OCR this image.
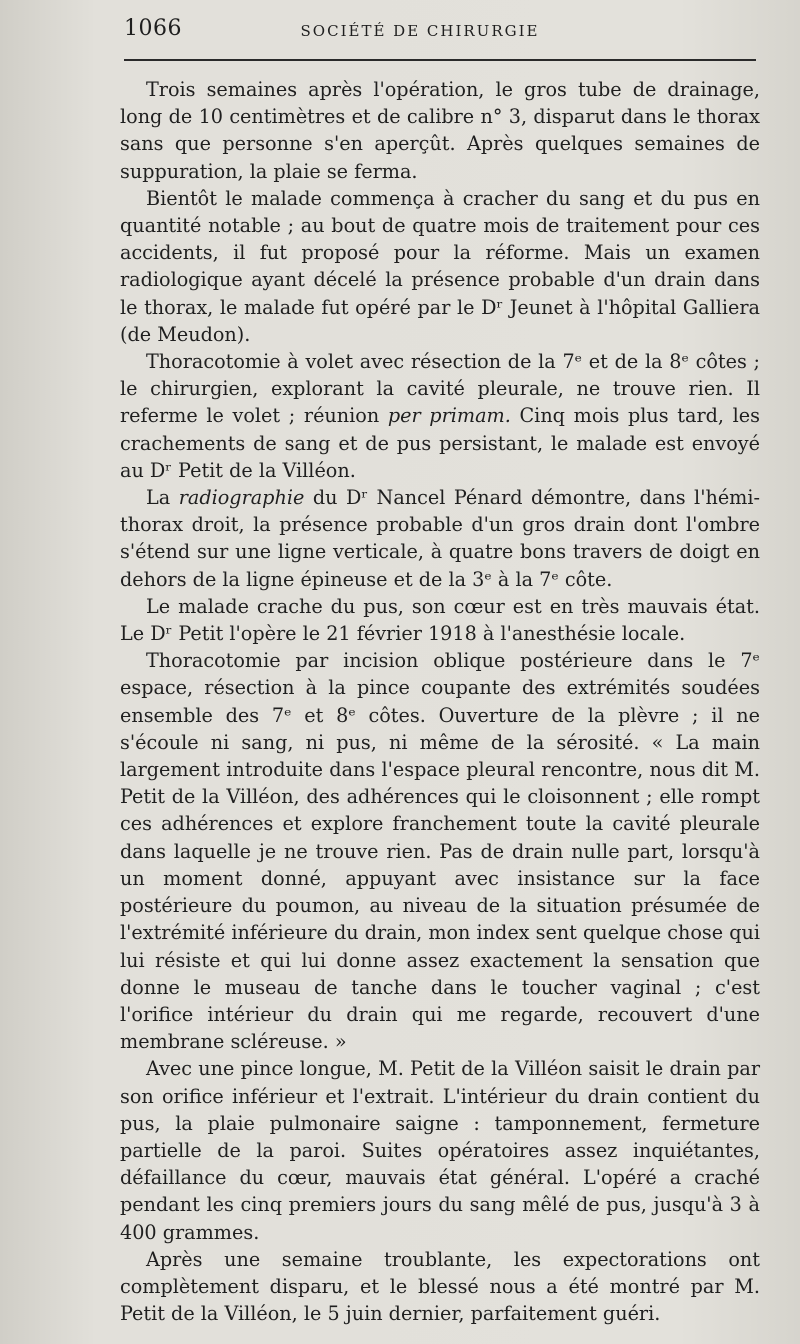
1066	SOCIÉTÉ DE CHIRURGIE

Trois semaines après l'opération, le gros tube de drainage, long de 10 centimètres et de calibre n° 3, disparut dans le thorax sans que personne s'en aperçût. Après quelques semaines de suppuration, la plaie se ferma.

Bientôt le malade commença à cracher du sang et du pus en quantité notable ; au bout de quatre mois de traitement pour ces accidents, il fut proposé pour la réforme. Mais un examen radiologique ayant décelé la présence probable d'un drain dans le thorax, le malade fut opéré par le Dʳ Jeunet à l'hôpital Galliera (de Meudon).

Thoracotomie à volet avec résection de la 7ᵉ et de la 8ᵉ côtes ; le chirurgien, explorant la cavité pleurale, ne trouve rien. Il referme le volet ; réunion per primam. Cinq mois plus tard, les crachements de sang et de pus persistant, le malade est envoyé au Dʳ Petit de la Villéon.

La radiographie du Dʳ Nancel Pénard démontre, dans l'hémi-thorax droit, la présence probable d'un gros drain dont l'ombre s'étend sur une ligne verticale, à quatre bons travers de doigt en dehors de la ligne épineuse et de la 3ᵉ à la 7ᵉ côte.

Le malade crache du pus, son cœur est en très mauvais état. Le Dʳ Petit l'opère le 21 février 1918 à l'anesthésie locale.

Thoracotomie par incision oblique postérieure dans le 7ᵉ espace, résection à la pince coupante des extrémités soudées ensemble des 7ᵉ et 8ᵉ côtes. Ouverture de la plèvre ; il ne s'écoule ni sang, ni pus, ni même de la sérosité. « La main largement introduite dans l'espace pleural rencontre, nous dit M. Petit de la Villéon, des adhérences qui le cloisonnent ; elle rompt ces adhérences et explore franchement toute la cavité pleurale dans laquelle je ne trouve rien. Pas de drain nulle part, lorsqu'à un moment donné, appuyant avec insistance sur la face postérieure du poumon, au niveau de la situation présumée de l'extrémité inférieure du drain, mon index sent quelque chose qui lui résiste et qui lui donne assez exactement la sensation que donne le museau de tanche dans le toucher vaginal ; c'est l'orifice intérieur du drain qui me regarde, recouvert d'une membrane scléreuse. »

Avec une pince longue, M. Petit de la Villéon saisit le drain par son orifice inférieur et l'extrait. L'intérieur du drain contient du pus, la plaie pulmonaire saigne : tamponnement, fermeture partielle de la paroi. Suites opératoires assez inquiétantes, défaillance du cœur, mauvais état général. L'opéré a craché pendant les cinq premiers jours du sang mêlé de pus, jusqu'à 3 à 400 grammes.

Après une semaine troublante, les expectorations ont complètement disparu, et le blessé nous a été montré par M. Petit de la Villéon, le 5 juin dernier, parfaitement guéri.
